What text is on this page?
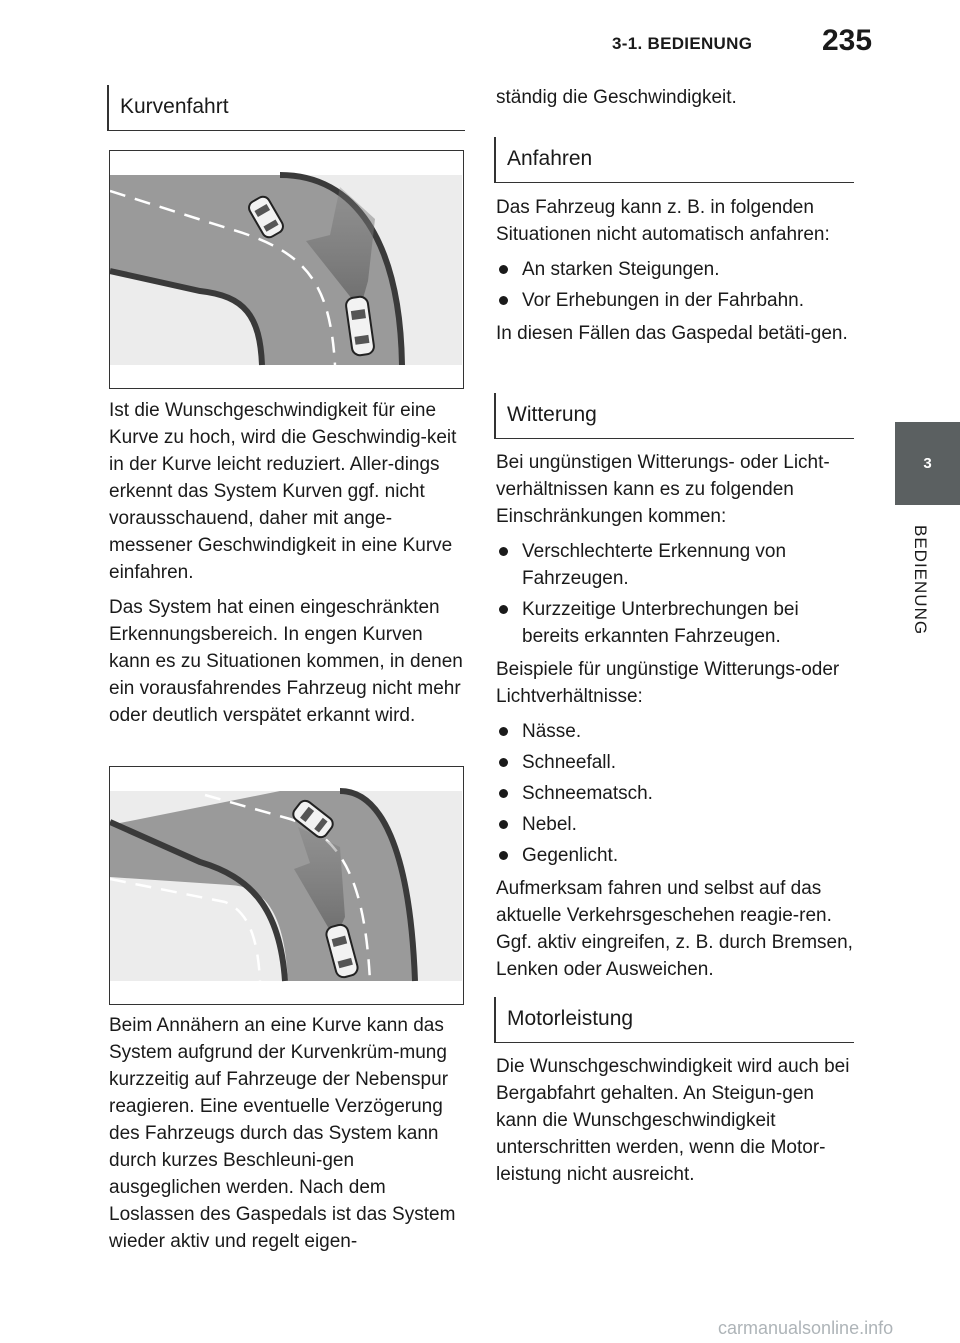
3-1. BEDIENUNG 235
3
BEDIENUNG
Kurvenfahrt

Ist die Wunschgeschwindigkeit für eine Kurve zu hoch, wird die Geschwindig-keit in der Kurve leicht reduziert. Aller-dings erkennt das System Kurven ggf. nicht vorausschauend, daher mit ange-messener Geschwindigkeit in eine Kurve einfahren.

Das System hat einen eingeschränkten Erkennungsbereich. In engen Kurven kann es zu Situationen kommen, in denen ein vorausfahrendes Fahrzeug nicht mehr oder deutlich verspätet erkannt wird.

Beim Annähern an eine Kurve kann das System aufgrund der Kurvenkrüm-mung kurzzeitig auf Fahrzeuge der Nebenspur reagieren. Eine eventuelle Verzögerung des Fahrzeugs durch das System kann durch kurzes Beschleuni-gen ausgeglichen werden. Nach dem Loslassen des Gaspedals ist das System wieder aktiv und regelt eigen-

ständig die Geschwindigkeit.

Anfahren

Das Fahrzeug kann z. B. in folgenden Situationen nicht automatisch anfahren:

An starken Steigungen.
Vor Erhebungen in der Fahrbahn.

In diesen Fällen das Gaspedal betäti-gen.

Witterung

Bei ungünstigen Witterungs- oder Licht-verhältnissen kann es zu folgenden Einschränkungen kommen:

Verschlechterte Erkennung von Fahrzeugen.
Kurzzeitige Unterbrechungen bei bereits erkannten Fahrzeugen.

Beispiele für ungünstige Witterungs-oder Lichtverhältnisse:

Nässe.
Schneefall.
Schneematsch.
Nebel.
Gegenlicht.

Aufmerksam fahren und selbst auf das aktuelle Verkehrsgeschehen reagie-ren. Ggf. aktiv eingreifen, z. B. durch Bremsen, Lenken oder Ausweichen.

Motorleistung

Die Wunschgeschwindigkeit wird auch bei Bergabfahrt gehalten. An Steigun-gen kann die Wunschgeschwindigkeit unterschritten werden, wenn die Motor-leistung nicht ausreicht.

carmanualsonline.info
